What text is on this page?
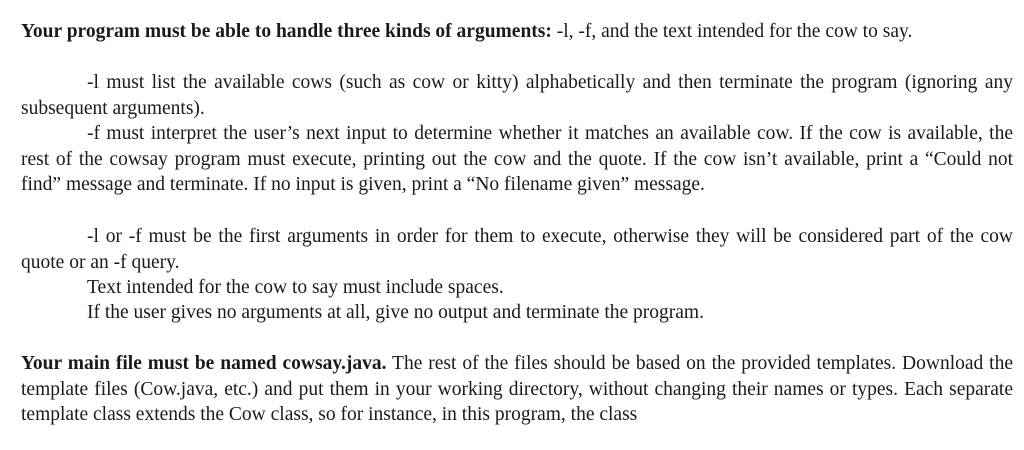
Your program must be able to handle three kinds of arguments: -l, -f, and the text intended for the cow to say.

-l must list the available cows (such as cow or kitty) alphabetically and then terminate the program (ignoring any subsequent arguments).

-f must interpret the user’s next input to determine whether it matches an available cow. If the cow is available, the rest of the cowsay program must execute, printing out the cow and the quote. If the cow isn’t available, print a “Could not find” message and terminate. If no input is given, print a “No filename given” message.

-l or -f must be the first arguments in order for them to execute, otherwise they will be considered part of the cow quote or an -f query.

Text intended for the cow to say must include spaces.

If the user gives no arguments at all, give no output and terminate the program.

Your main file must be named cowsay.java. The rest of the files should be based on the provided templates. Download the template files (Cow.java, etc.) and put them in your working directory, without changing their names or types. Each separate template class extends the Cow class, so for instance, in this program, the class
